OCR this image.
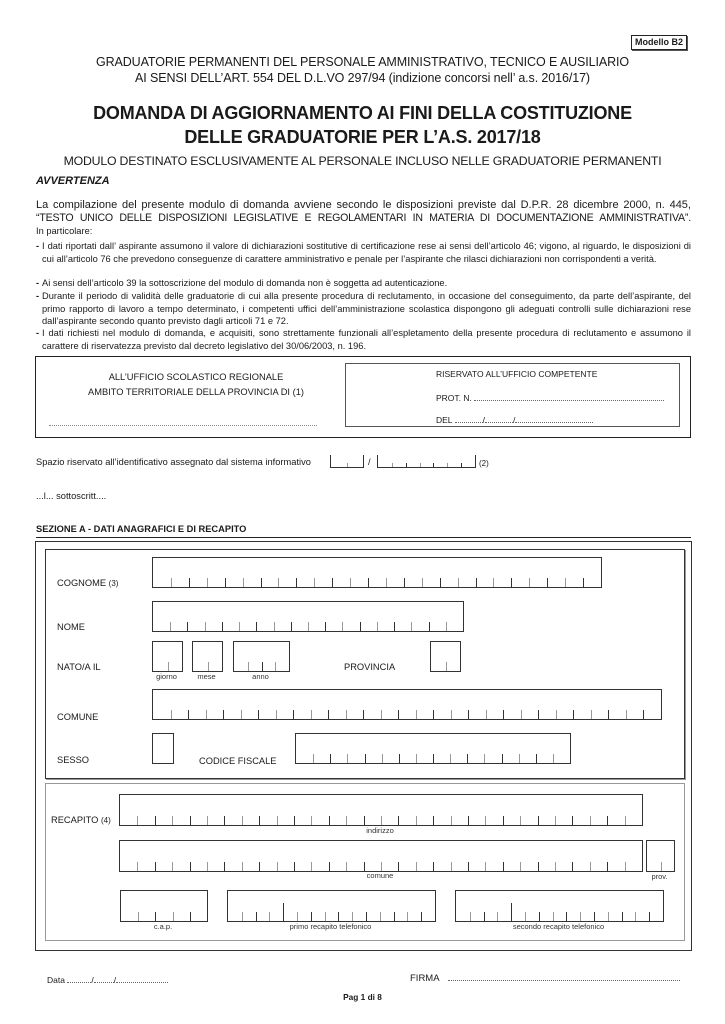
Modello B2
GRADUATORIE PERMANENTI DEL PERSONALE AMMINISTRATIVO, TECNICO E AUSILIARIO
AI SENSI DELL’ART. 554 DEL D.L.VO 297/94 (indizione concorsi nell’ a.s. 2016/17)
DOMANDA DI AGGIORNAMENTO AI FINI DELLA COSTITUZIONE
DELLE GRADUATORIE PER L’A.S. 2017/18
MODULO DESTINATO ESCLUSIVAMENTE AL PERSONALE INCLUSO NELLE GRADUATORIE PERMANENTI
AVVERTENZA
La compilazione del presente modulo di domanda avviene secondo le disposizioni previste dal D.P.R. 28 dicembre 2000, n. 445,
“TESTO UNICO DELLE DISPOSIZIONI LEGISLATIVE E REGOLAMENTARI IN MATERIA DI DOCUMENTAZIONE AMMINISTRATIVA”.
In particolare:
- I dati riportati dall’ aspirante assumono il valore di dichiarazioni sostitutive di certificazione rese ai sensi dell’articolo 46; vigono, al riguardo, le disposizioni di cui all’articolo 76 che prevedono conseguenze di carattere amministrativo e penale per l’aspirante che rilasci dichiarazioni non corrispondenti a verità.
- Ai sensi dell’articolo 39 la sottoscrizione del modulo di domanda non è soggetta ad autenticazione.
- Durante il periodo di validità delle graduatorie di cui alla presente procedura di reclutamento, in occasione del conseguimento, da parte dell’aspirante, del primo rapporto di lavoro a tempo determinato, i competenti uffici dell’amministrazione scolastica dispongono gli adeguati controlli sulle dichiarazioni rese dall’aspirante secondo quanto previsto dagli articoli 71 e 72.
- I dati richiesti nel modulo di domanda, e acquisiti, sono strettamente funzionali all’espletamento della presente procedura di reclutamento e assumono il carattere di riservatezza previsto dal decreto legislativo del 30/06/2003, n. 196.
ALL’UFFICIO SCOLASTICO REGIONALE
AMBITO TERRITORIALE DELLA PROVINCIA DI (1)
RISERVATO ALL’UFFICIO COMPETENTE
PROT. N.
DEL	/	/
Spazio riservato all’identificativo assegnato dal sistema informativo	/	(2)
...l... sottoscritt....
SEZIONE A - DATI ANAGRAFICI E DI RECAPITO
COGNOME (3)
NOME
NATO/A IL
giorno	mese	anno
PROVINCIA
COMUNE
SESSO	CODICE FISCALE
RECAPITO (4)
indirizzo
comune	prov.
c.a.p.	primo recapito telefonico	secondo recapito telefonico
Data	/ /	FIRMA
Pag 1 di 8
